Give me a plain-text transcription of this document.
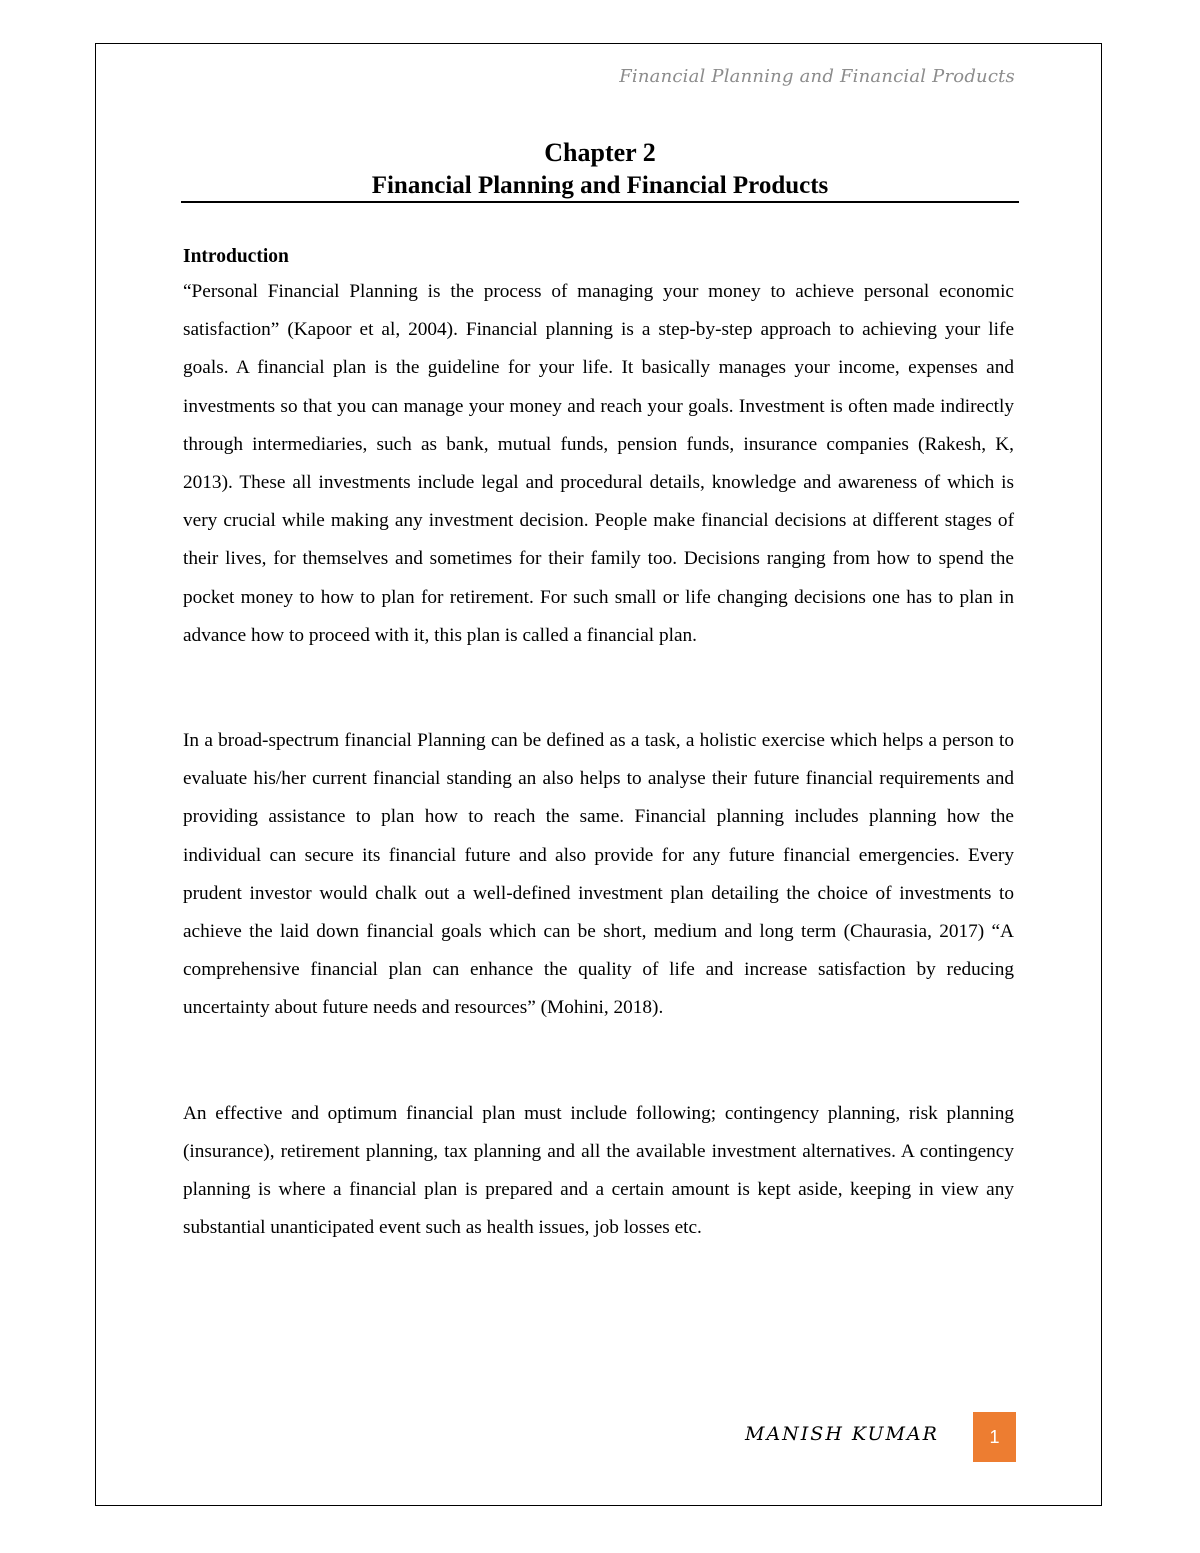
Financial Planning and Financial Products
Chapter 2
Financial Planning and Financial Products
Introduction

“Personal Financial Planning is the process of managing your money to achieve personal economic satisfaction” (Kapoor et al, 2004). Financial planning is a step-by-step approach to achieving your life goals. A financial plan is the guideline for your life. It basically manages your income, expenses and investments so that you can manage your money and reach your goals. Investment is often made indirectly through intermediaries, such as bank, mutual funds, pension funds, insurance companies (Rakesh, K, 2013). These all investments include legal and procedural details, knowledge and awareness of which is very crucial while making any investment decision. People make financial decisions at different stages of their lives, for themselves and sometimes for their family too. Decisions ranging from how to spend the pocket money to how to plan for retirement. For such small or life changing decisions one has to plan in advance how to proceed with it, this plan is called a financial plan.

In a broad-spectrum financial Planning can be defined as a task, a holistic exercise which helps a person to evaluate his/her current financial standing an also helps to analyse their future financial requirements and providing assistance to plan how to reach the same. Financial planning includes planning how the individual can secure its financial future and also provide for any future financial emergencies. Every prudent investor would chalk out a well-defined investment plan detailing the choice of investments to achieve the laid down financial goals which can be short, medium and long term (Chaurasia, 2017) “A comprehensive financial plan can enhance the quality of life and increase satisfaction by reducing uncertainty about future needs and resources” (Mohini, 2018).

An effective and optimum financial plan must include following; contingency planning, risk planning (insurance), retirement planning, tax planning and all the available investment alternatives. A contingency planning is where a financial plan is prepared and a certain amount is kept aside, keeping in view any substantial unanticipated event such as health issues, job losses etc.

MANISH KUMAR	1
